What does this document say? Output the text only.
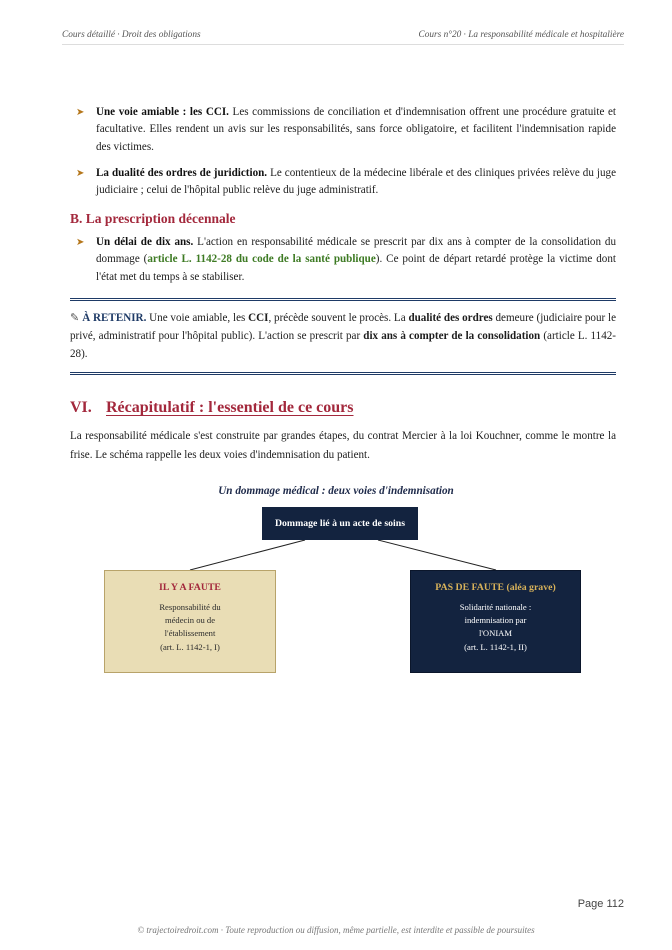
Cours détaillé · Droit des obligations	Cours n°20 · La responsabilité médicale et hospitalière
➤ Une voie amiable : les CCI. Les commissions de conciliation et d'indemnisation offrent une procédure gratuite et facultative. Elles rendent un avis sur les responsabilités, sans force obligatoire, et facilitent l'indemnisation rapide des victimes.
➤ La dualité des ordres de juridiction. Le contentieux de la médecine libérale et des cliniques privées relève du juge judiciaire ; celui de l'hôpital public relève du juge administratif.
B. La prescription décennale
➤ Un délai de dix ans. L'action en responsabilité médicale se prescrit par dix ans à compter de la consolidation du dommage (article L. 1142-28 du code de la santé publique). Ce point de départ retardé protège la victime dont l'état met du temps à se stabiliser.
✎ À RETENIR. Une voie amiable, les CCI, précède souvent le procès. La dualité des ordres demeure (judiciaire pour le privé, administratif pour l'hôpital public). L'action se prescrit par dix ans à compter de la consolidation (article L. 1142-28).
VI. Récapitulatif : l'essentiel de ce cours
La responsabilité médicale s'est construite par grandes étapes, du contrat Mercier à la loi Kouchner, comme le montre la frise. Le schéma rappelle les deux voies d'indemnisation du patient.
Un dommage médical : deux voies d'indemnisation
Dommage lié à un acte de soins
IL Y A FAUTE
Responsabilité du
médecin ou de
l'établissement
(art. L. 1142-1, I)
PAS DE FAUTE (aléa grave)
Solidarité nationale :
indemnisation par
l'ONIAM
(art. L. 1142-1, II)
Page 112
© trajectoiredroit.com · Toute reproduction ou diffusion, même partielle, est interdite et passible de poursuites
